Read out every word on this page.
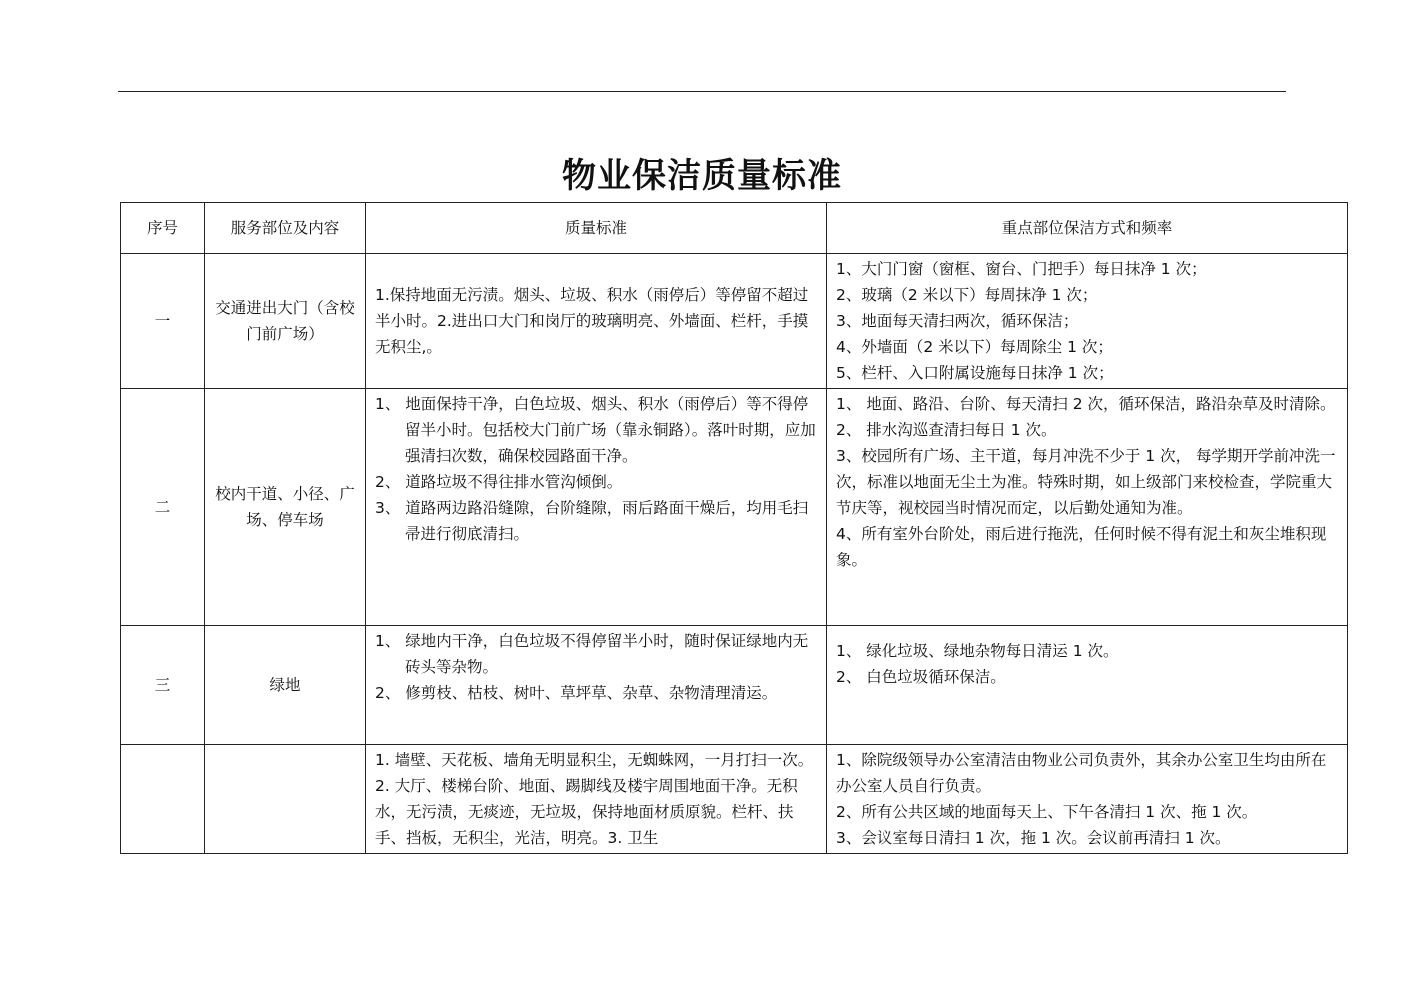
物业保洁质量标准
序号	服务部位及内容	质量标准	重点部位保洁方式和频率
一	交通进出大门（含校门前广场）	1.保持地面无污渍。烟头、垃圾、积水（雨停后）等停留不超过半小时。2.进出口大门和岗厅的玻璃明亮、外墙面、栏杆，手摸无积尘,。	1、大门门窗（窗框、窗台、门把手）每日抹净 1 次；
2、玻璃（2 米以下）每周抹净 1 次；
3、地面每天清扫两次，循环保洁；
4、外墙面（2 米以下）每周除尘 1 次；
5、栏杆、入口附属设施每日抹净 1 次；

二	校内干道、小径、广场、停车场	1、 地面保持干净，白色垃圾、烟头、积水（雨停后）等不得停留半小时。包括校大门前广场（靠永铜路）。落叶时期，应加强清扫次数，确保校园路面干净。
2、 道路垃圾不得往排水管沟倾倒。
3、 道路两边路沿缝隙，台阶缝隙，雨后路面干燥后，均用毛扫帚进行彻底清扫。	1、 地面、路沿、台阶、每天清扫 2 次，循环保洁，路沿杂草及时清除。
2、 排水沟巡查清扫每日 1 次。
3、校园所有广场、主干道，每月冲洗不少于 1 次， 每学期开学前冲洗一次，标准以地面无尘土为准。特殊时期，如上级部门来校检查，学院重大节庆等，视校园当时情况而定，以后勤处通知为准。
4、所有室外台阶处，雨后进行拖洗，任何时候不得有泥土和灰尘堆积现象。

三	绿地	1、 绿地内干净，白色垃圾不得停留半小时，随时保证绿地内无砖头等杂物。
2、 修剪枝、枯枝、树叶、草坪草、杂草、杂物清理清运。	1、 绿化垃圾、绿地杂物每日清运 1 次。
2、 白色垃圾循环保洁。

		1. 墙壁、天花板、墙角无明显积尘，无蜘蛛网，一月打扫一次。2. 大厅、楼梯台阶、地面、踢脚线及楼宇周围地面干净。无积水，无污渍，无痰迹，无垃圾，保持地面材质原貌。栏杆、扶手、挡板，无积尘，光洁，明亮。3. 卫生	1、除院级领导办公室清洁由物业公司负责外，其余办公室卫生均由所在办公室人员自行负责。
2、所有公共区域的地面每天上、下午各清扫 1 次、拖 1 次。
3、会议室每日清扫 1 次，拖 1 次。会议前再清扫 1 次。
